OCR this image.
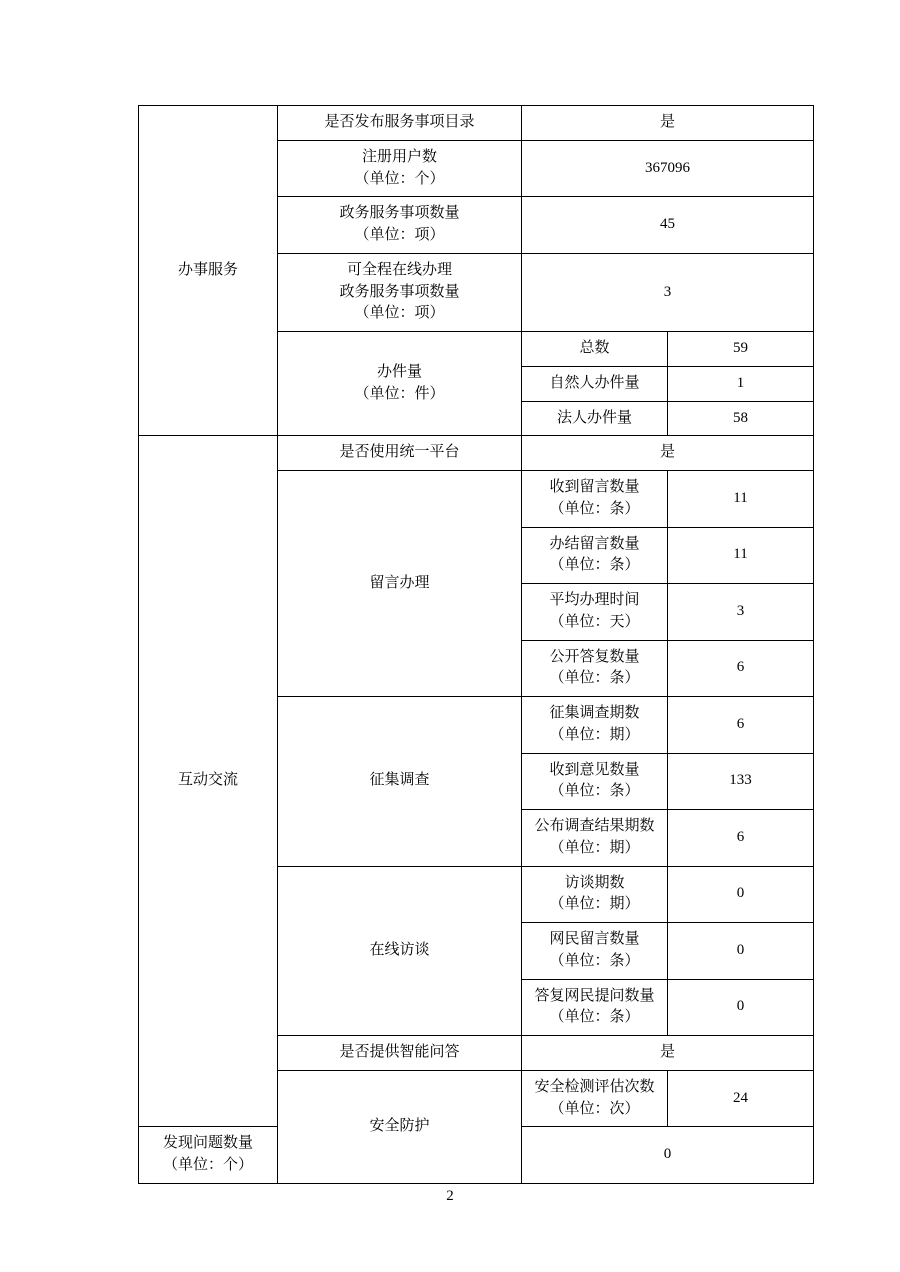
办事服务	是否发布服务事项目录	是	

	注册用户数
（单位：个）	367096	

	政务服务事项数量
（单位：项）	45	

	可全程在线办理
政务服务事项数量
（单位：项）	3	

	办件量
（单位：件）	总数	59
		自然人办件量	1
		法人办件量	58
互动交流	是否使用统一平台	是	
	留言办理	收到留言数量
（单位：条）	11

		办结留言数量
（单位：条）	11

		平均办理时间
（单位：天）	3

		公开答复数量
（单位：条）	6
	征集调查	征集调查期数
（单位：期）	6

		收到意见数量
（单位：条）	133

		公布调查结果期数
（单位：期）	6
	在线访谈	访谈期数
（单位：期）	0

		网民留言数量
（单位：条）	0

		答复网民提问数量
（单位：条）	0
	是否提供智能问答	是	
	安全防护	安全检测评估次数
（单位：次）	24

发现问题数量
（单位：个）		0	
2
